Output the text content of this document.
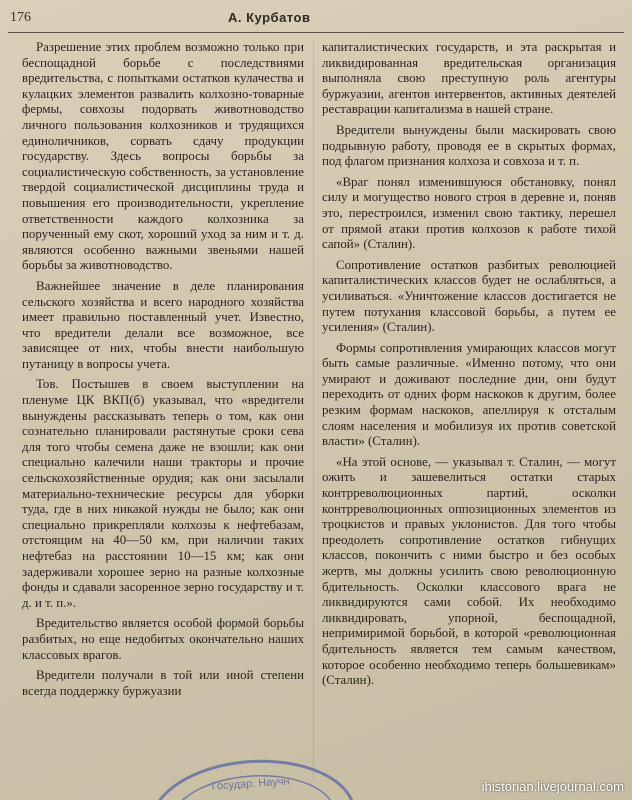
176	А. Курбатов

Разрешение этих проблем возможно только при беспощадной борьбе с последствиями вредительства, с попытками остатков кулачества и кулацких элементов развалить колхозно-товарные фермы, совхозы подорвать животноводство личного пользования колхозников и трудящихся единоличников, сорвать сдачу продукции государству. Здесь вопросы борьбы за социалистическую собственность, за установление твердой социалистической дисциплины труда и повышения его производительности, укрепление ответственности каждого колхозника за порученный ему скот, хороший уход за ним и т. д. являются особенно важными звеньями нашей борьбы за животноводство.

Важнейшее значение в деле планирования сельского хозяйства и всего народного хозяйства имеет правильно поставленный учет. Известно, что вредители делали все возможное, все зависящее от них, чтобы внести наибольшую путаницу в вопросы учета.

Тов. Постышев в своем выступлении на пленуме ЦК ВКП(б) указывал, что «вредители вынуждены рассказывать теперь о том, как они сознательно планировали растянутые сроки сева для того чтобы семена даже не взошли; как они специально калечили наши тракторы и прочие сельскохозяйственные орудия; как они засылали материально-технические ресурсы для уборки туда, где в них никакой нужды не было; как они специально прикрепляли колхозы к нефтебазам, отстоящим на 40—50 км, при наличии таких нефтебаз на расстоянии 10—15 км; как они задерживали хорошее зерно на разные колхозные фонды и сдавали засоренное зерно государству и т. д. и т. п.».

Вредительство является особой формой борьбы разбитых, но еще недобитых окончательно наших классовых врагов.

Вредители получали в той или иной степени всегда поддержку буржуазии

капиталистических государств, и эта раскрытая и ликвидированная вредительская организация выполняла свою преступную роль агентуры буржуазии, агентов интервентов, активных деятелей реставрации капитализма в нашей стране.

Вредители вынуждены были маскировать свою подрывную работу, проводя ее в скрытых формах, под флагом признания колхоза и совхоза и т. п.

«Враг понял изменившуюся обстановку, понял силу и могущество нового строя в деревне и, поняв это, перестроился, изменил свою тактику, перешел от прямой атаки против колхозов к работе тихой сапой» (Сталин).

Сопротивление остатков разбитых революцией капиталистических классов будет не ослабляться, а усиливаться. «Уничтожение классов достигается не путем потухания классовой борьбы, а путем ее усиления» (Сталин).

Формы сопротивления умирающих классов могут быть самые различные. «Именно потому, что они умирают и доживают последние дни, они будут переходить от одних форм наскоков к другим, более резким формам наскоков, апеллируя к отсталым слоям населения и мобилизуя их против советской власти» (Сталин).

«На этой основе, — указывал т. Сталин, — могут ожить и зашевелиться остатки старых контрреволюционных партий, осколки контрреволюционных оппозиционных элементов из троцкистов и правых уклонистов. Для того чтобы преодолеть сопротивление остатков гибнущих классов, покончить с ними быстро и без особых жертв, мы должны усилить свою революционную бдительность. Осколки классового врага не ликвидируются сами собой. Их необходимо ликвидировать, упорной, беспощадной, непримиримой борьбой, в которой «революционная бдительность является тем самым качеством, которое особенно необходимо теперь большевикам» (Сталин).

Государ. Научн	ihistorian.livejournal.com
